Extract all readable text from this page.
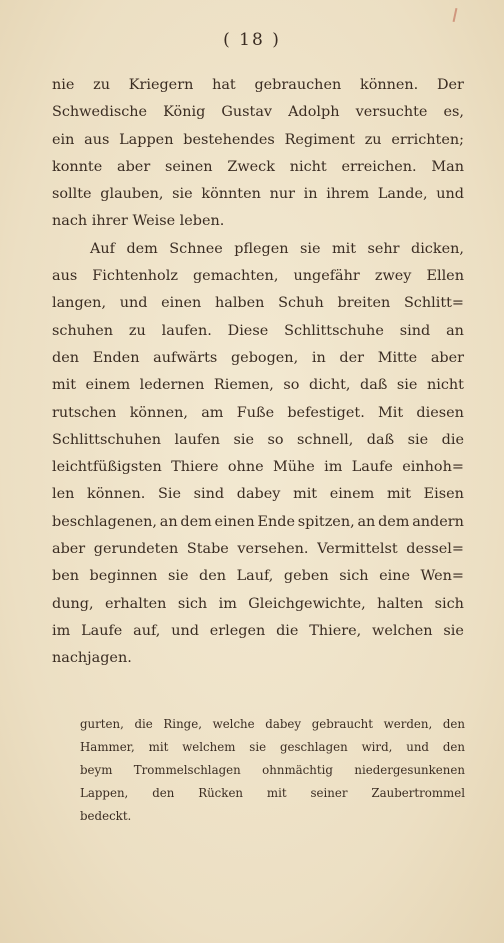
( 18 )
nie zu Kriegern hat gebrauchen können. Der
Schwedische König Gustav Adolph versuchte es,
ein aus Lappen bestehendes Regiment zu errichten;
konnte aber seinen Zweck nicht erreichen. Man
sollte glauben, sie könnten nur in ihrem Lande, und
nach ihrer Weise leben.
Auf dem Schnee pflegen sie mit sehr dicken,
aus Fichtenholz gemachten, ungefähr zwey Ellen
langen, und einen halben Schuh breiten Schlitt=
schuhen zu laufen. Diese Schlittschuhe sind an
den Enden aufwärts gebogen, in der Mitte aber
mit einem ledernen Riemen, so dicht, daß sie nicht
rutschen können, am Fuße befestiget. Mit diesen
Schlittschuhen laufen sie so schnell, daß sie die
leichtfüßigsten Thiere ohne Mühe im Laufe einhoh=
len können. Sie sind dabey mit einem mit Eisen
beschlagenen, an dem einen Ende spitzen, an dem andern
aber gerundeten Stabe versehen. Vermittelst dessel=
ben beginnen sie den Lauf, geben sich eine Wen=
dung, erhalten sich im Gleichgewichte, halten sich
im Laufe auf, und erlegen die Thiere, welchen sie
nachjagen.
gurten, die Ringe, welche dabey gebraucht werden, den
Hammer, mit welchem sie geschlagen wird, und den
beym Trommelschlagen ohnmächtig niedergesunkenen
Lappen, den Rücken mit seiner Zaubertrommel
bedeckt.
